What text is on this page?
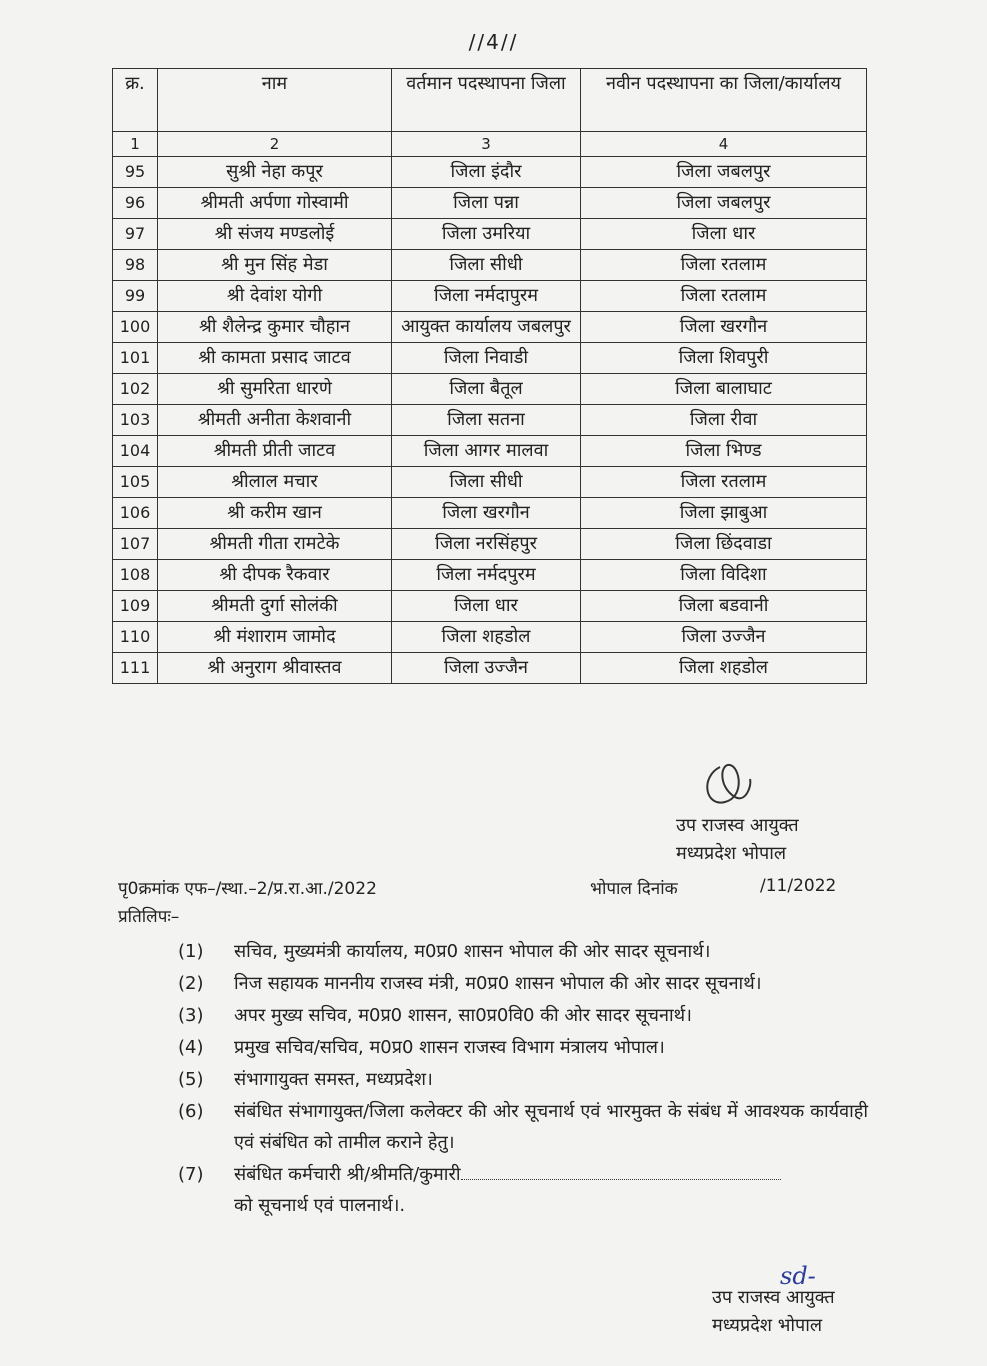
//4//
क्र.	नाम	वर्तमान पदस्थापना जिला	नवीन पदस्थापना का जिला/कार्यालय
1	2	3	4
95	सुश्री नेहा कपूर	जिला इंदौर	जिला जबलपुर
96	श्रीमती अर्पणा गोस्वामी	जिला पन्ना	जिला जबलपुर
97	श्री संजय मण्डलोई	जिला उमरिया	जिला धार
98	श्री मुन सिंह मेडा	जिला सीधी	जिला रतलाम
99	श्री देवांश योगी	जिला नर्मदापुरम	जिला रतलाम
100	श्री शैलेन्द्र कुमार चौहान	आयुक्त कार्यालय जबलपुर	जिला खरगौन
101	श्री कामता प्रसाद जाटव	जिला निवाडी	जिला शिवपुरी
102	श्री सुमरिता धारणे	जिला बैतूल	जिला बालाघाट
103	श्रीमती अनीता केशवानी	जिला सतना	जिला रीवा
104	श्रीमती प्रीती जाटव	जिला आगर मालवा	जिला भिण्ड
105	श्रीलाल मचार	जिला सीधी	जिला रतलाम
106	श्री करीम खान	जिला खरगौन	जिला झाबुआ
107	श्रीमती गीता रामटेके	जिला नरसिंहपुर	जिला छिंदवाडा
108	श्री दीपक रैकवार	जिला नर्मदपुरम	जिला विदिशा
109	श्रीमती दुर्गा सोलंकी	जिला धार	जिला बडवानी
110	श्री मंशाराम जामोद	जिला शहडोल	जिला उज्जैन
111	श्री अनुराग श्रीवास्तव	जिला उज्जैन	जिला शहडोल
उप राजस्व आयुक्त
मध्यप्रदेश भोपाल
पृ0क्रमांक एफ–/स्था.–2/प्र.रा.आ./2022	भोपाल दिनांक	/11/2022
प्रतिलिपः–
(1) सचिव, मुख्यमंत्री कार्यालय, म0प्र0 शासन भोपाल की ओर सादर सूचनार्थ।
(2) निज सहायक माननीय राजस्व मंत्री, म0प्र0 शासन भोपाल की ओर सादर सूचनार्थ।
(3) अपर मुख्य सचिव, म0प्र0 शासन, सा0प्र0वि0 की ओर सादर सूचनार्थ।
(4) प्रमुख सचिव/सचिव, म0प्र0 शासन राजस्व विभाग मंत्रालय भोपाल।
(5) संभागायुक्त समस्त, मध्यप्रदेश।
(6) संबंधित संभागायुक्त/जिला कलेक्टर की ओर सूचनार्थ एवं भारमुक्त के संबंध में आवश्यक कार्यवाही एवं संबंधित को तामील कराने हेतु।
(7) संबंधित कर्मचारी श्री/श्रीमति/कुमारी
को सूचनार्थ एवं पालनार्थ।.
sd-
उप राजस्व आयुक्त
मध्यप्रदेश भोपाल
